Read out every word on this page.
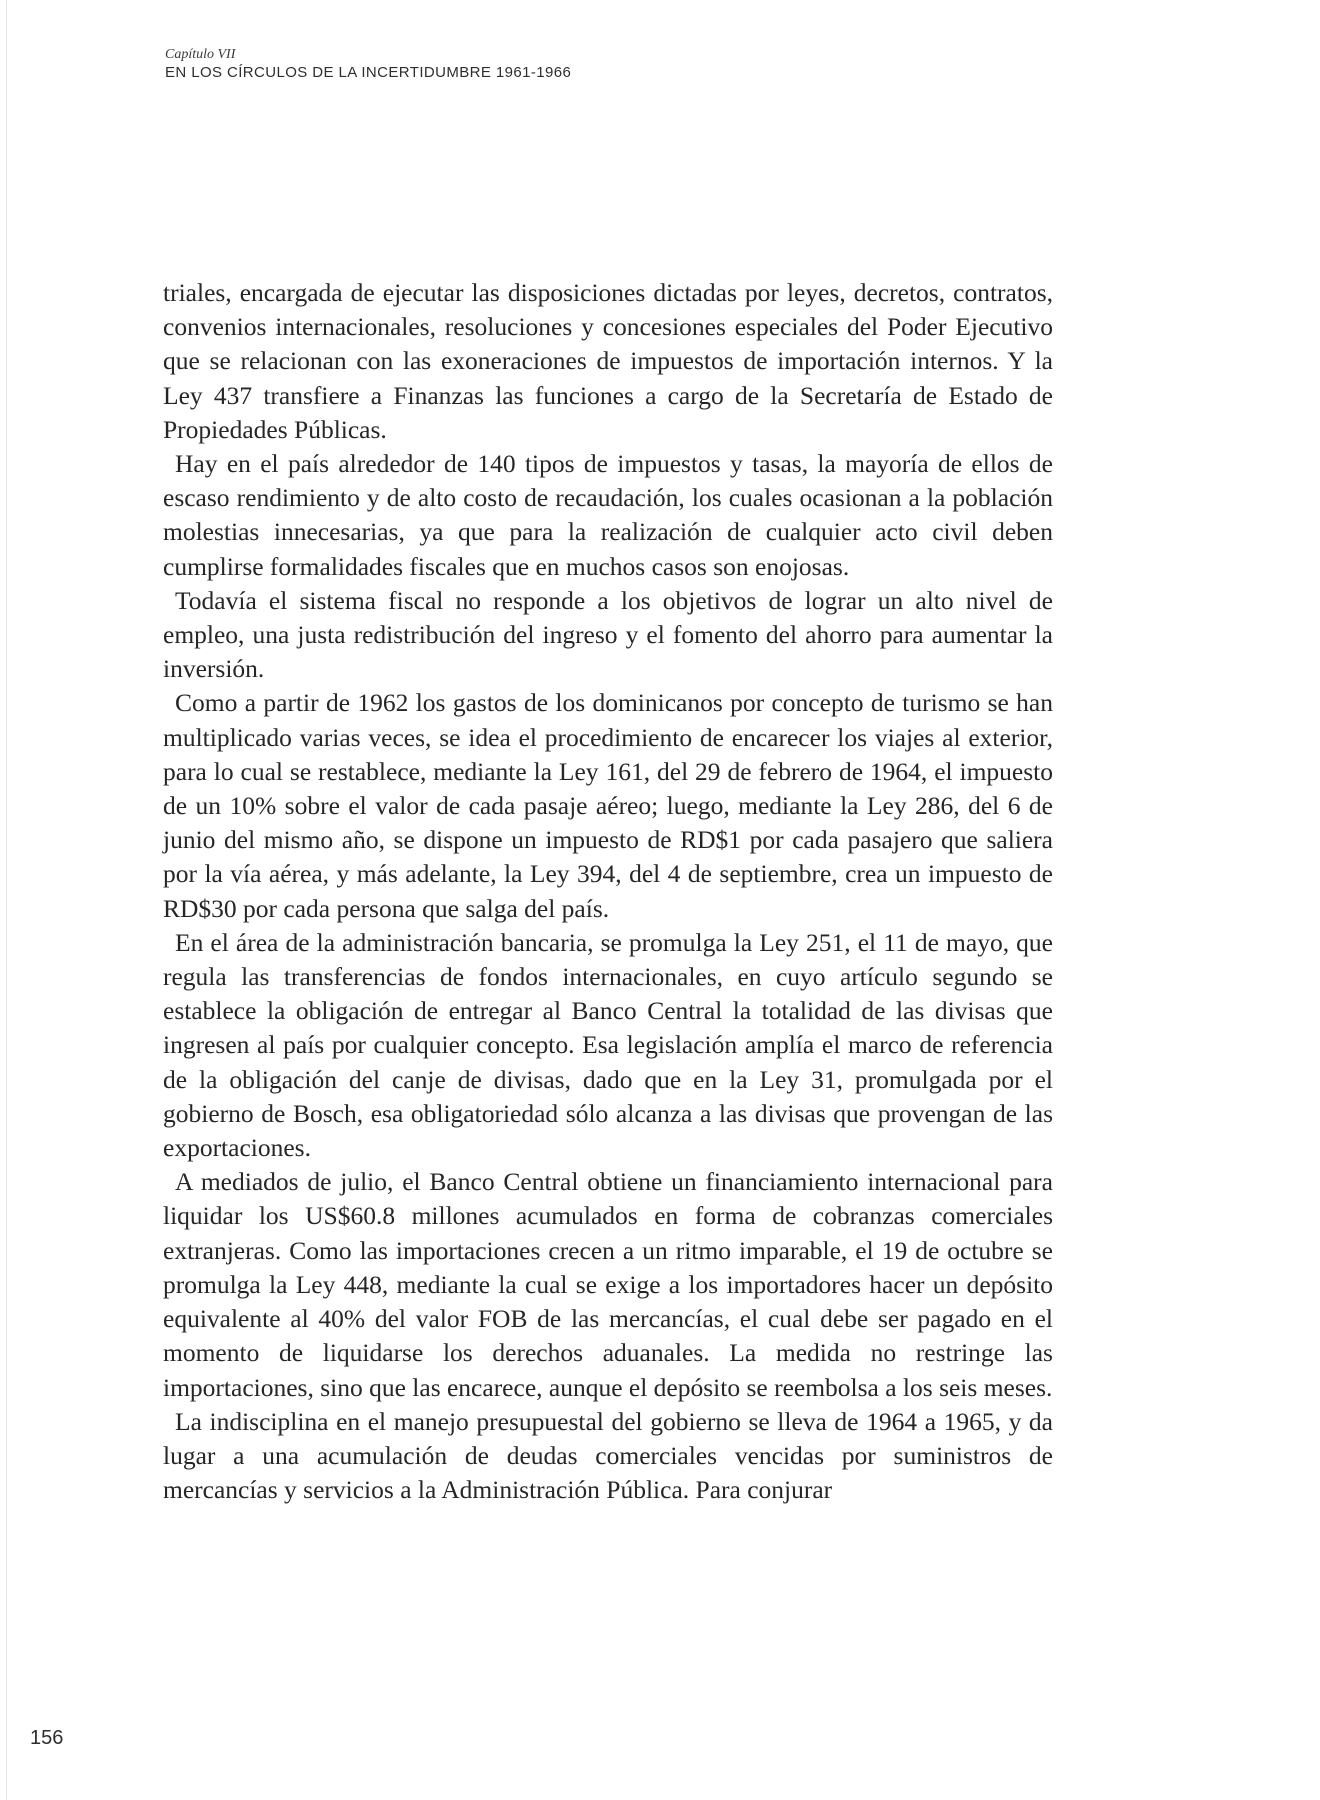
Capítulo VII
EN LOS CÍRCULOS DE LA INCERTIDUMBRE 1961-1966

triales, encargada de ejecutar las disposiciones dictadas por leyes, decretos, contratos, convenios internacionales, resoluciones y concesiones especiales del Poder Ejecutivo que se relacionan con las exoneraciones de impuestos de importación internos. Y la Ley 437 transfiere a Finanzas las funciones a cargo de la Secretaría de Estado de Propiedades Públicas.

Hay en el país alrededor de 140 tipos de impuestos y tasas, la mayoría de ellos de escaso rendimiento y de alto costo de recaudación, los cuales ocasionan a la población molestias innecesarias, ya que para la realización de cualquier acto civil deben cumplirse formalidades fiscales que en muchos casos son enojosas.

Todavía el sistema fiscal no responde a los objetivos de lograr un alto nivel de empleo, una justa redistribución del ingreso y el fomento del ahorro para aumentar la inversión.

Como a partir de 1962 los gastos de los dominicanos por concepto de turismo se han multiplicado varias veces, se idea el procedimiento de encarecer los viajes al exterior, para lo cual se restablece, mediante la Ley 161, del 29 de febrero de 1964, el impuesto de un 10% sobre el valor de cada pasaje aéreo; luego, mediante la Ley 286, del 6 de junio del mismo año, se dispone un impuesto de RD$1 por cada pasajero que saliera por la vía aérea, y más adelante, la Ley 394, del 4 de septiembre, crea un impuesto de RD$30 por cada persona que salga del país.

En el área de la administración bancaria, se promulga la Ley 251, el 11 de mayo, que regula las transferencias de fondos internacionales, en cuyo artículo segundo se establece la obligación de entregar al Banco Central la totalidad de las divisas que ingresen al país por cualquier concepto. Esa legislación amplía el marco de referencia de la obligación del canje de divisas, dado que en la Ley 31, promulgada por el gobierno de Bosch, esa obligatoriedad sólo alcanza a las divisas que provengan de las exportaciones.

A mediados de julio, el Banco Central obtiene un financiamiento internacional para liquidar los US$60.8 millones acumulados en forma de cobranzas comerciales extranjeras. Como las importaciones crecen a un ritmo imparable, el 19 de octubre se promulga la Ley 448, mediante la cual se exige a los importadores hacer un depósito equivalente al 40% del valor FOB de las mercancías, el cual debe ser pagado en el momento de liquidarse los derechos aduanales. La medida no restringe las importaciones, sino que las encarece, aunque el depósito se reembolsa a los seis meses.

La indisciplina en el manejo presupuestal del gobierno se lleva de 1964 a 1965, y da lugar a una acumulación de deudas comerciales vencidas por suministros de mercancías y servicios a la Administración Pública. Para conjurar

156
